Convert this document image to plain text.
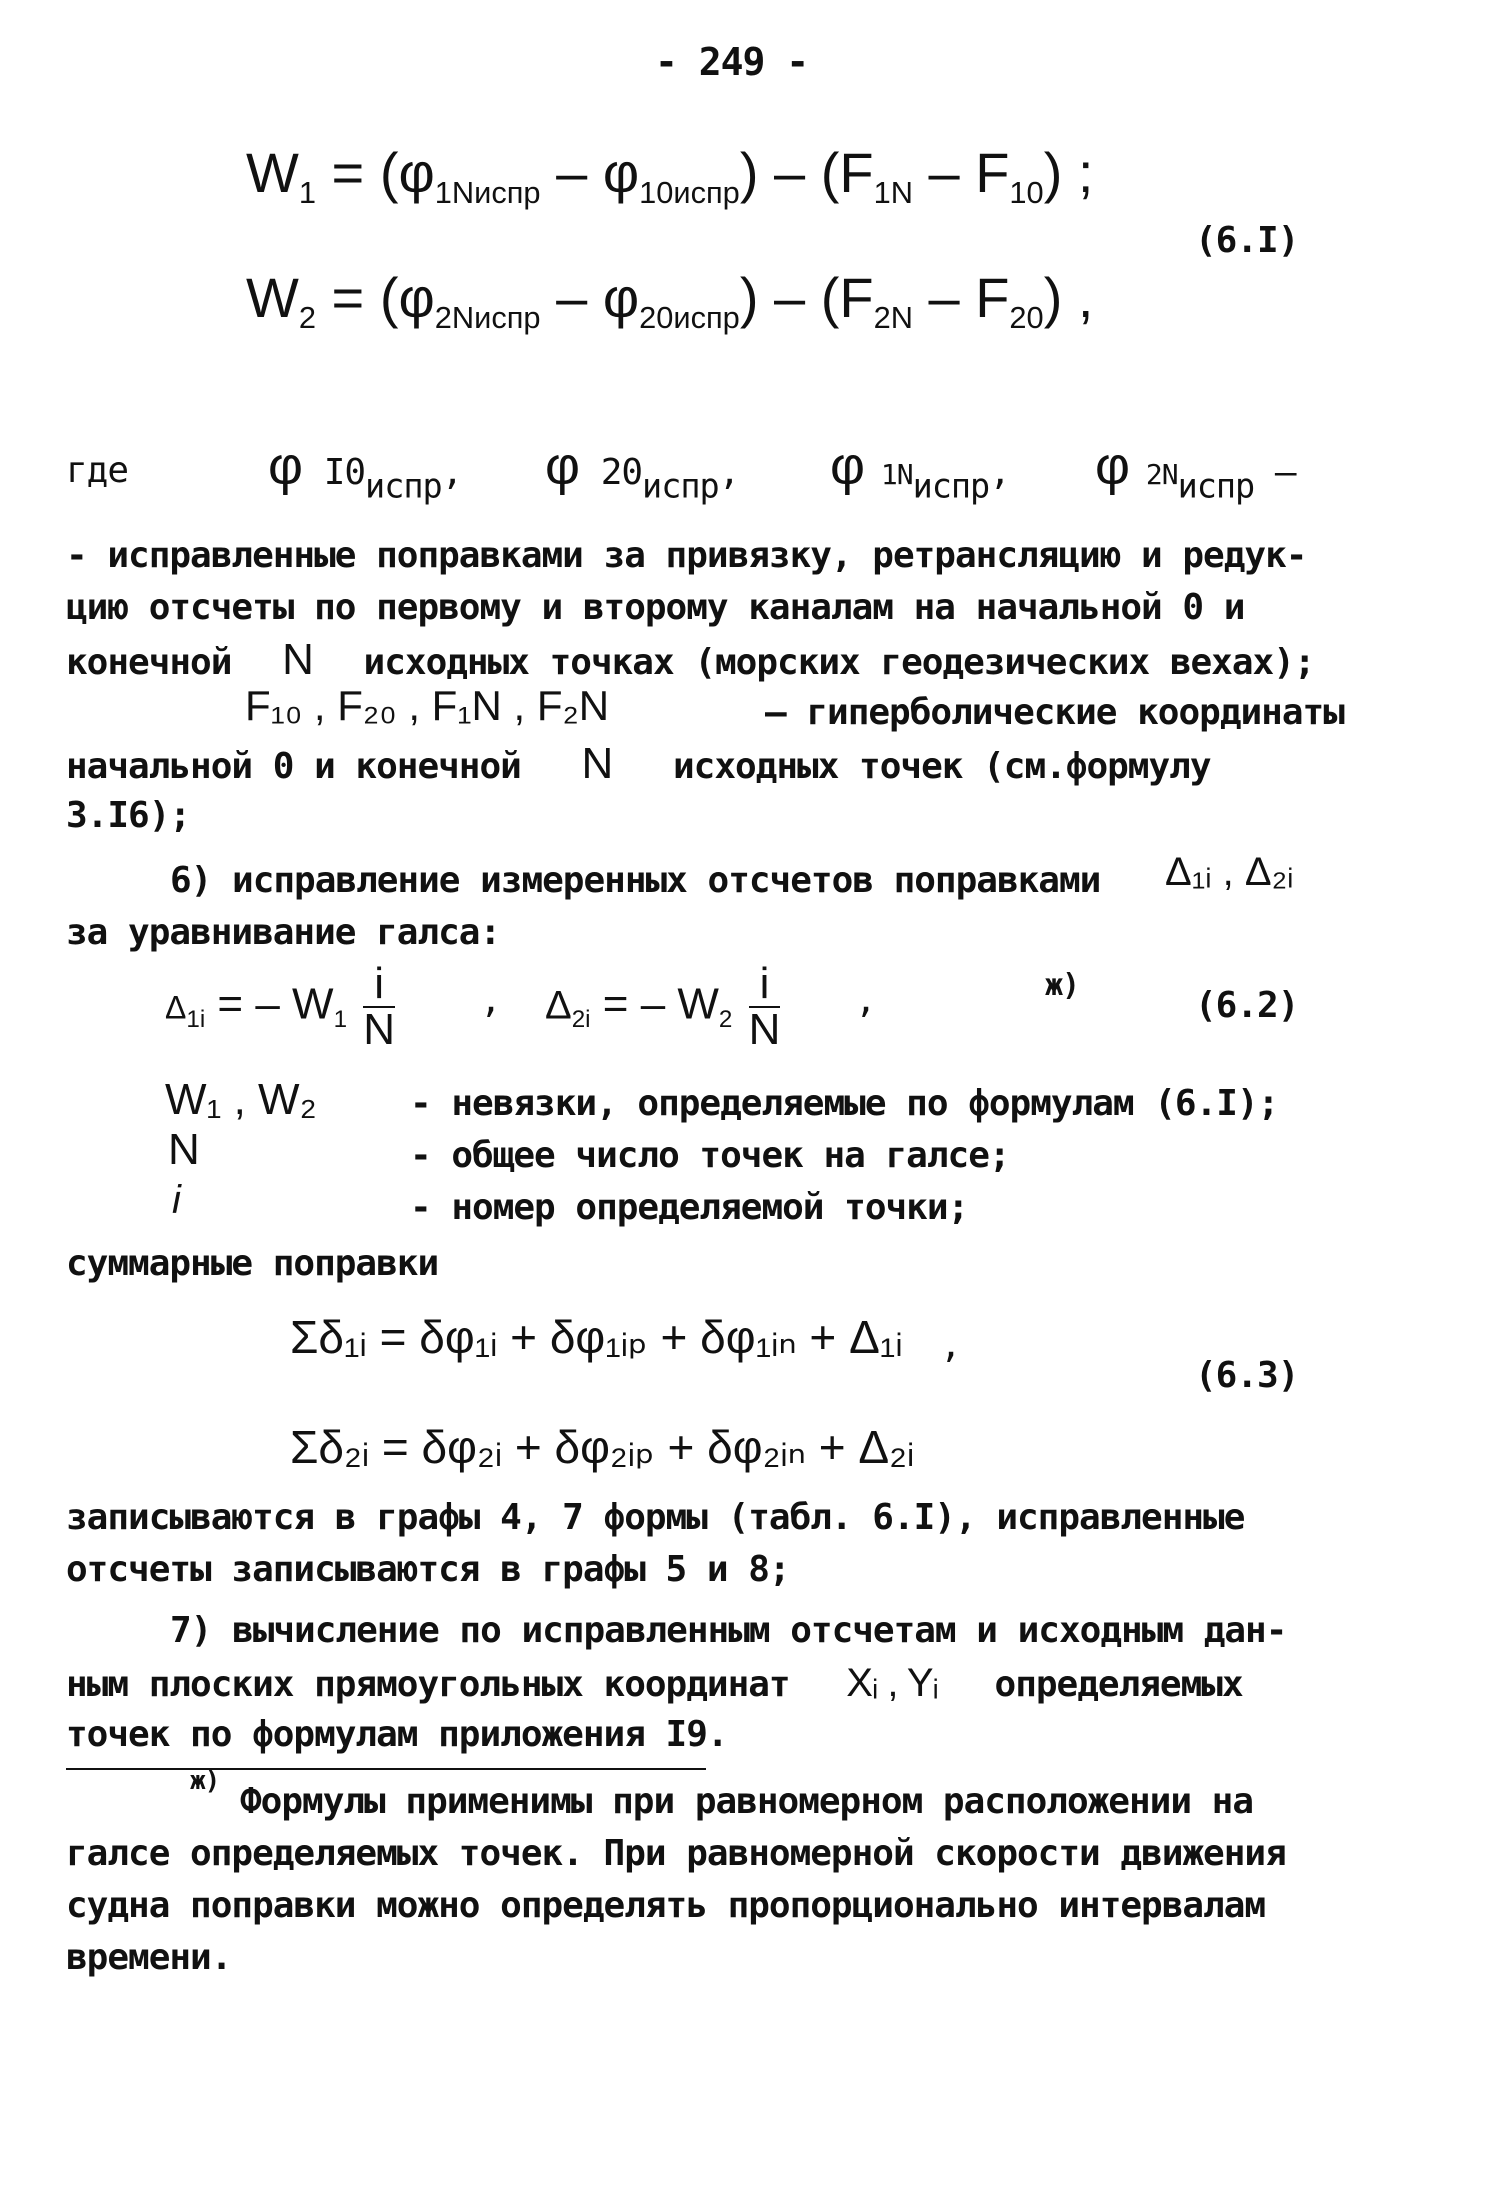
- 249 -
$W_1 = (\varphi_{1Nиспр} - \varphi_{10испр}) - (F_{1N} - F_{10})$ ;
$W_2 = (\varphi_{2Nиспр} - \varphi_{20испр}) - (F_{2N} - F_{20})$ ,
(6.I)
где	φ $I0_{испр}$, φ $20_{испр}$, φ $1N_{испр}$, φ $2N_{испр}$ –
- исправленные поправками за привязку, ретрансляцию и редук-
цию отсчеты по первому и второму каналам на начальной 0 и
конечной N исходных точках (морских геодезических вехах);
F₁₀ , F₂₀ , F₁N , F₂N	– гиперболические координаты
начальной 0 и конечной N исходных точек (см.формулу
3.I6);
6) исправление измеренных отсчетов поправками Δ₁ᵢ , Δ₂ᵢ
за уравнивание галса:
$\Delta_{1i}$ = – $W_1 \frac{i}{N}$ , $\Delta_{2i}$ = – $W_2 \frac{i}{N}$ ,	ж)	(6.2)
W₁ , W₂	- невязки, определяемые по формулам (6.I);
N	- общее число точек на галсе;
i	- номер определяемой точки;
суммарные поправки
Σδ₁ᵢ = δφ₁ᵢ + δφ₁ᵢₚ + δφ₁ᵢₙ + Δ₁ᵢ ,
Σδ₂ᵢ = δφ₂ᵢ + δφ₂ᵢₚ + δφ₂ᵢₙ + Δ₂ᵢ
(6.3)
записываются в графы 4, 7 формы (табл. 6.I), исправленные
отсчеты записываются в графы 5 и 8;
7) вычисление по исправленным отсчетам и исходным дан-
ным плоских прямоугольных координат Xᵢ , Yᵢ определяемых
точек по формулам приложения I9.
ж) Формулы применимы при равномерном расположении на
галсе определяемых точек. При равномерной скорости движения
судна поправки можно определять пропорционально интервалам
времени.
